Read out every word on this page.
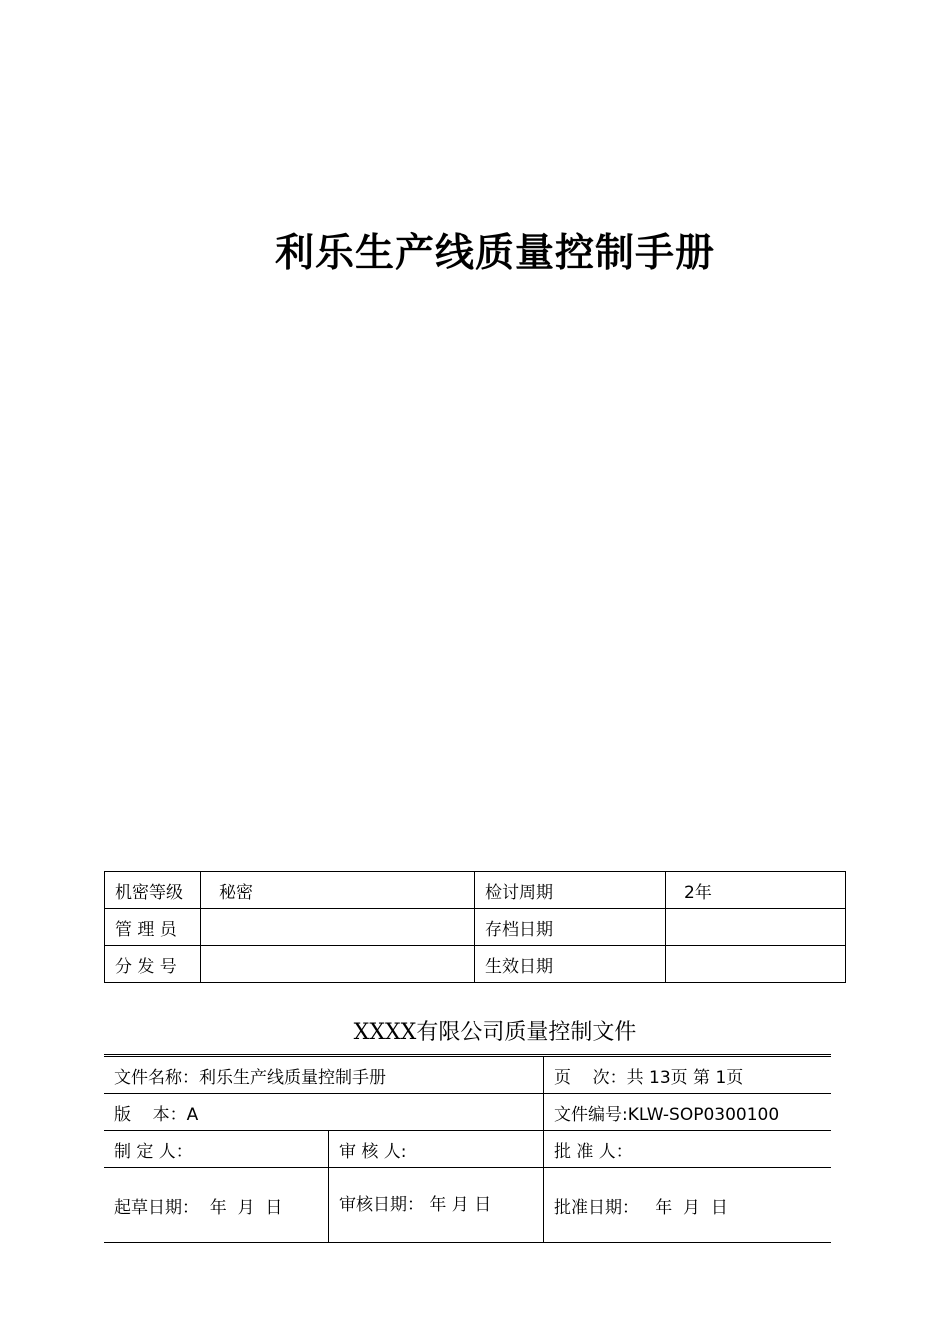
利乐生产线质量控制手册
机密等级	秘密	检讨周期	2年
管 理 员		存档日期	
分 发 号		生效日期	
XXXX有限公司质量控制文件
文件名称：利乐生产线质量控制手册		页    次：共 13页 第 1页
版    本：A		文件编号:KLW-SOP0300100
制 定 人：	审 核 人:	批 准 人：
起草日期：  年  月  日	审核日期： 年 月 日	批准日期：   年  月  日
